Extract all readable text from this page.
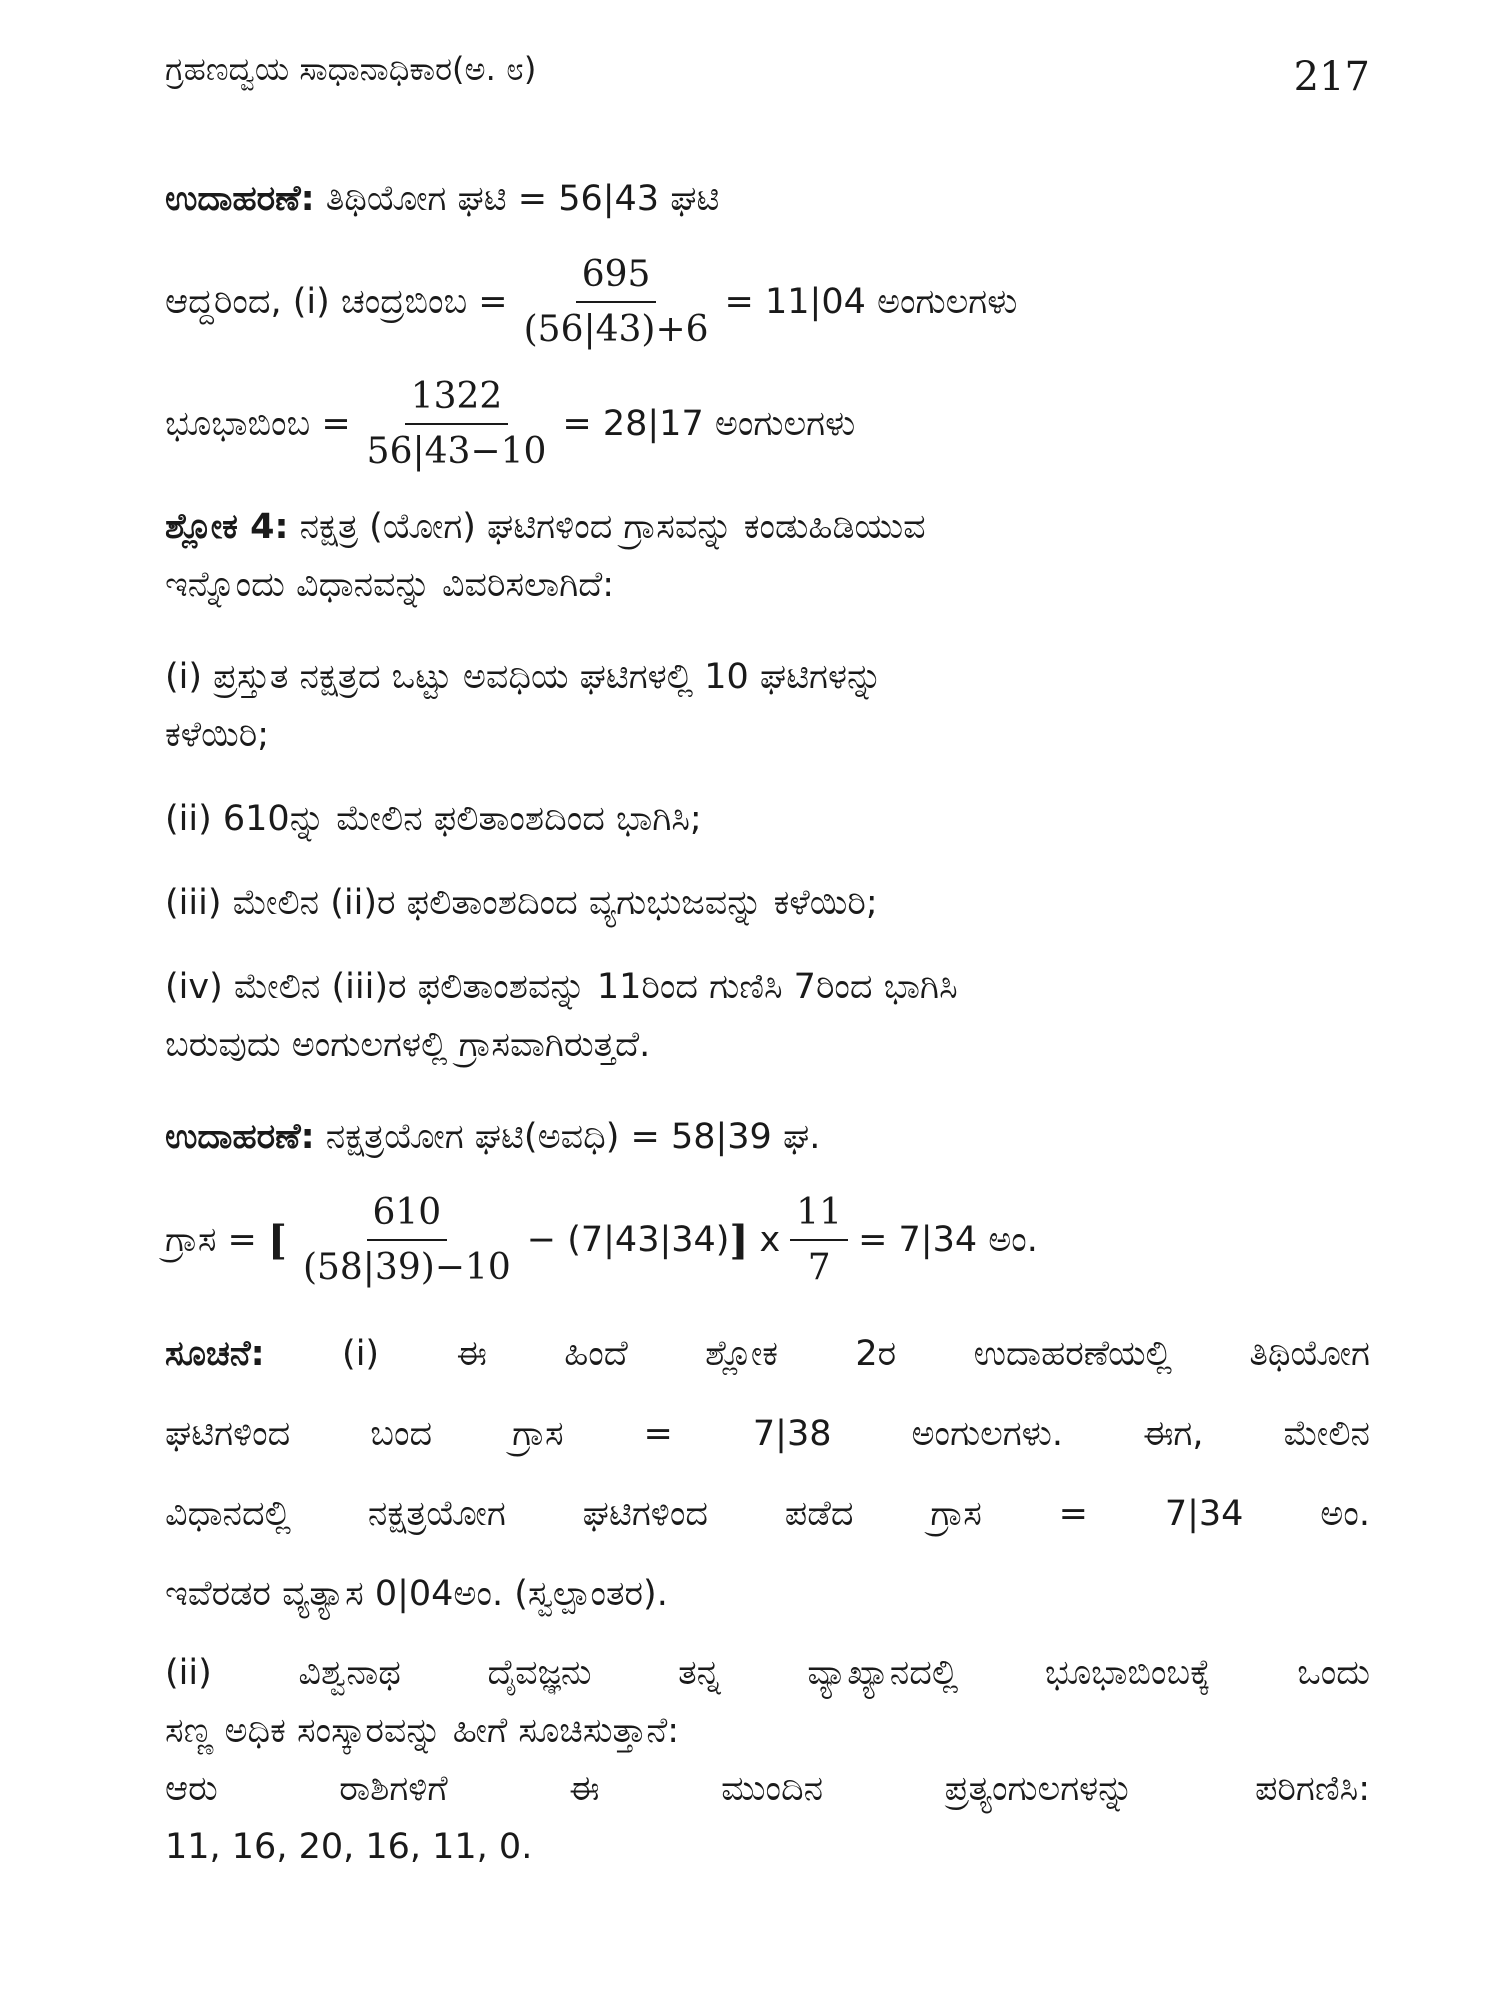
ಗ್ರಹಣದ್ವಯ ಸಾಧಾನಾಧಿಕಾರ(ಅ. ೮)	217
ಉದಾಹರಣೆ: ತಿಥಿಯೋಗ ಘಟಿ = 56|43 ಘಟಿ
ಆದ್ದರಿಂದ, (i) ಚಂದ್ರಬಿಂಬ = $\frac{695}{(56|43)+6} = 11|04$ ಅಂಗುಲಗಳು
ಭೂಭಾಬಿಂಬ = $\frac{1322}{56|43-10} = 28|17$ ಅಂಗುಲಗಳು
ಶ್ಲೋಕ 4: ನಕ್ಷತ್ರ (ಯೋಗ) ಘಟಿಗಳಿಂದ ಗ್ರಾಸವನ್ನು ಕಂಡುಹಿಡಿಯುವ
ಇನ್ನೊಂದು ವಿಧಾನವನ್ನು ವಿವರಿಸಲಾಗಿದೆ:
(i) ಪ್ರಸ್ತುತ ನಕ್ಷತ್ರದ ಒಟ್ಟು ಅವಧಿಯ ಘಟಿಗಳಲ್ಲಿ 10 ಘಟಿಗಳನ್ನು
ಕಳೆಯಿರಿ;
(ii) 610ನ್ನು ಮೇಲಿನ ಫಲಿತಾಂಶದಿಂದ ಭಾಗಿಸಿ;
(iii) ಮೇಲಿನ (ii)ರ ಫಲಿತಾಂಶದಿಂದ ವ್ಯಗುಭುಜವನ್ನು ಕಳೆಯಿರಿ;
(iv) ಮೇಲಿನ (iii)ರ ಫಲಿತಾಂಶವನ್ನು 11ರಿಂದ ಗುಣಿಸಿ 7ರಿಂದ ಭಾಗಿಸಿ
ಬರುವುದು ಅಂಗುಲಗಳಲ್ಲಿ ಗ್ರಾಸವಾಗಿರುತ್ತದೆ.
ಉದಾಹರಣೆ: ನಕ್ಷತ್ರಯೋಗ ಘಟಿ(ಅವಧಿ) = 58|39 ಘ.
ಗ್ರಾಸ =
[ $\frac{610}{(58|39)-10} - (7|43|34)$ ]
x $\frac{11}{7} = 7|34$ ಅಂ.
ಸೂಚನೆ: (i) ಈ ಹಿಂದೆ ಶ್ಲೋಕ 2ರ ಉದಾಹರಣೆಯಲ್ಲಿ ತಿಥಿಯೋಗ
ಘಟಿಗಳಿಂದ ಬಂದ ಗ್ರಾಸ = 7|38 ಅಂಗುಲಗಳು. ಈಗ, ಮೇಲಿನ
ವಿಧಾನದಲ್ಲಿ ನಕ್ಷತ್ರಯೋಗ ಘಟಿಗಳಿಂದ ಪಡೆದ ಗ್ರಾಸ = 7|34 ಅಂ.
ಇವೆರಡರ ವ್ಯತ್ಯಾಸ 0|04ಅಂ. (ಸ್ವಲ್ಪಾಂತರ).
(ii) ವಿಶ್ವನಾಥ ದೈವಜ್ಞನು ತನ್ನ ವ್ಯಾಖ್ಯಾನದಲ್ಲಿ ಭೂಭಾಬಿಂಬಕ್ಕೆ ಒಂದು
ಸಣ್ಣ ಅಧಿಕ ಸಂಸ್ಕಾರವನ್ನು ಹೀಗೆ ಸೂಚಿಸುತ್ತಾನೆ:
ಆರು ರಾಶಿಗಳಿಗೆ ಈ ಮುಂದಿನ ಪ್ರತ್ಯಂಗುಲಗಳನ್ನು ಪರಿಗಣಿಸಿ:
11, 16, 20, 16, 11, 0.
